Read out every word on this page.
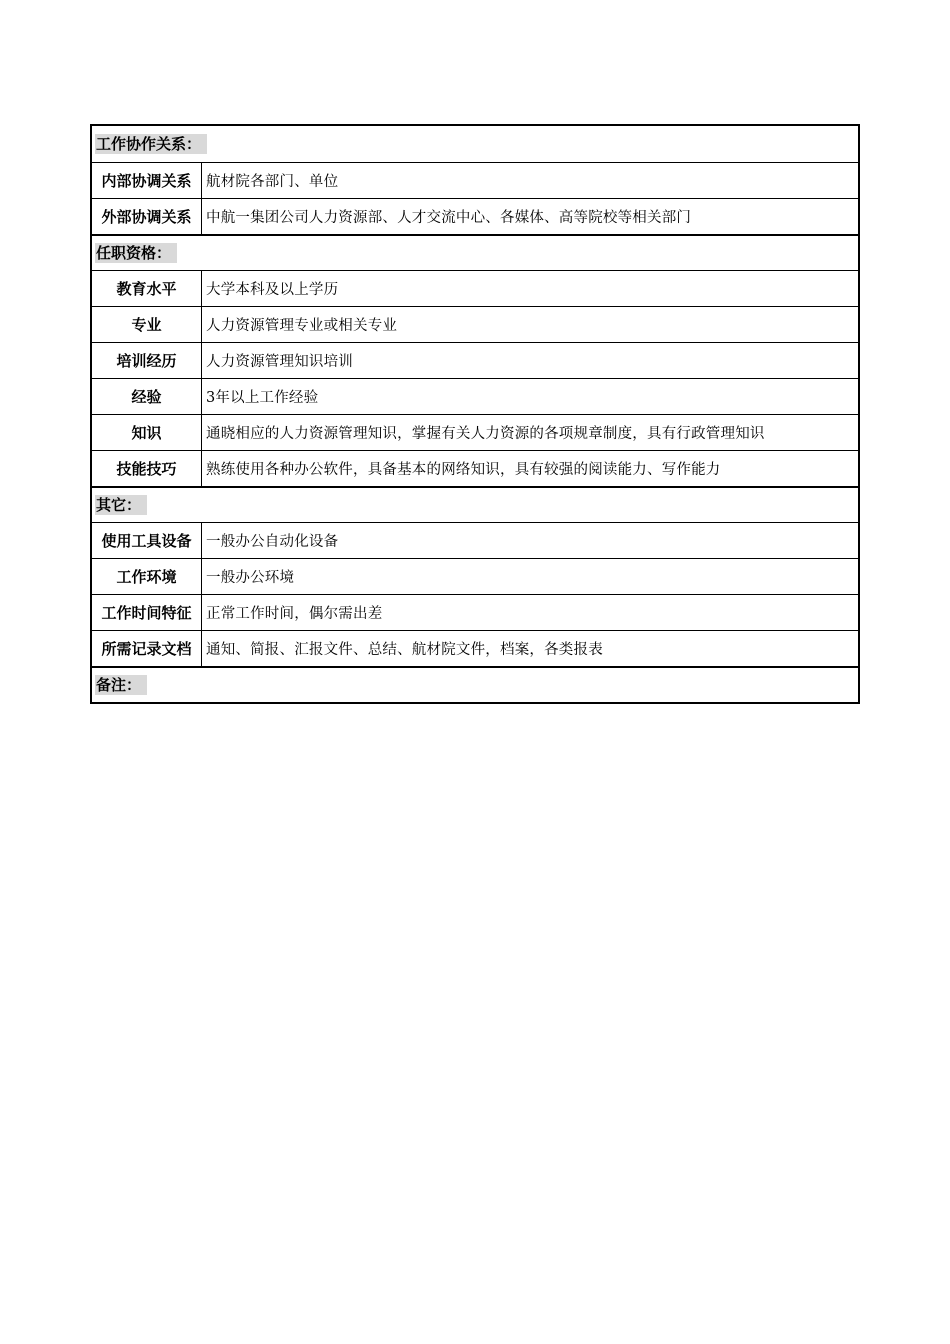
工作协作关系：
内部协调关系	航材院各部门、单位
外部协调关系	中航一集团公司人力资源部、人才交流中心、各媒体、高等院校等相关部门
任职资格：
教育水平	大学本科及以上学历
专业	人力资源管理专业或相关专业
培训经历	人力资源管理知识培训
经验	3年以上工作经验
知识	通晓相应的人力资源管理知识，掌握有关人力资源的各项规章制度，具有行政管理知识
技能技巧	熟练使用各种办公软件，具备基本的网络知识，具有较强的阅读能力、写作能力
其它：
使用工具设备	一般办公自动化设备
工作环境	一般办公环境
工作时间特征	正常工作时间，偶尔需出差
所需记录文档	通知、简报、汇报文件、总结、航材院文件，档案，各类报表
备注：
